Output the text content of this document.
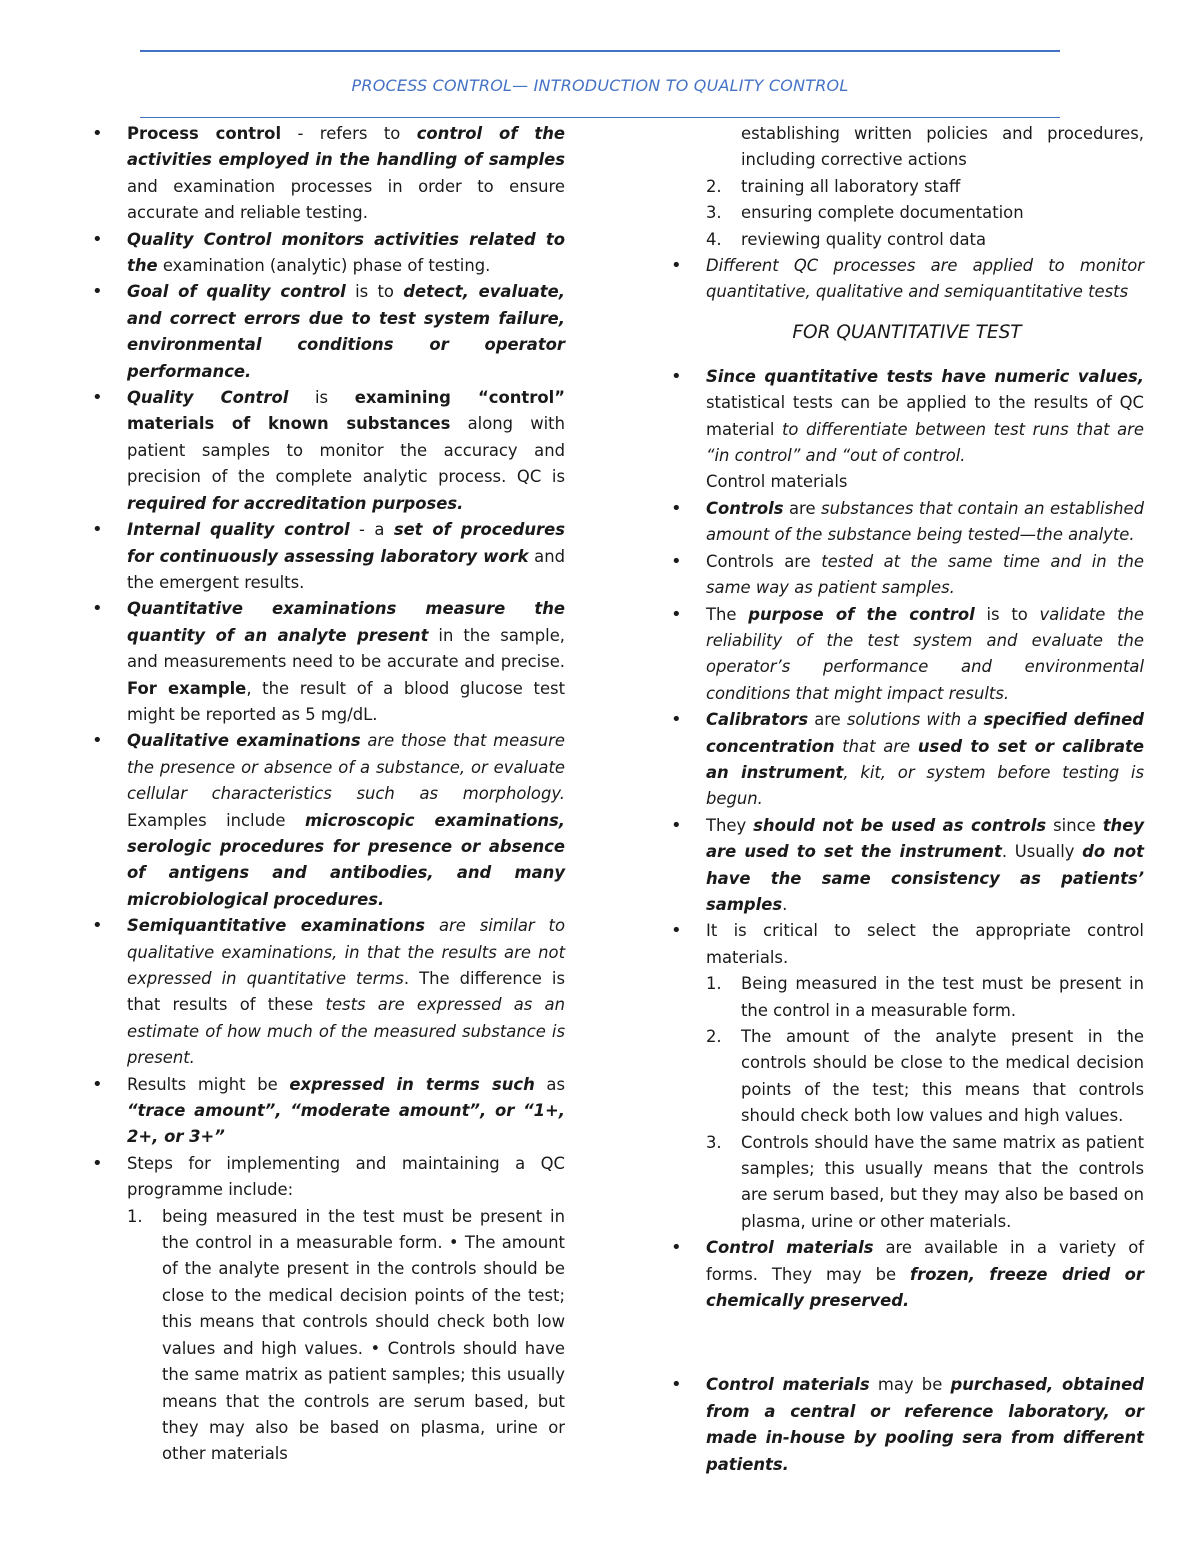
PROCESS CONTROL— INTRODUCTION TO QUALITY CONTROL
• Process control - refers to control of the activities employed in the handling of samples and examination processes in order to ensure accurate and reliable testing.
• Quality Control monitors activities related to the examination (analytic) phase of testing.
• Goal of quality control is to detect, evaluate, and correct errors due to test system failure, environmental conditions or operator performance.
• Quality Control is examining “control” materials of known substances along with patient samples to monitor the accuracy and precision of the complete analytic process. QC is required for accreditation purposes.
• Internal quality control - a set of procedures for continuously assessing laboratory work and the emergent results.
• Quantitative examinations measure the quantity of an analyte present in the sample, and measurements need to be accurate and precise. For example, the result of a blood glucose test might be reported as 5 mg/dL.
• Qualitative examinations are those that measure the presence or absence of a substance, or evaluate cellular characteristics such as morphology. Examples include microscopic examinations, serologic procedures for presence or absence of antigens and antibodies, and many microbiological procedures.
• Semiquantitative examinations are similar to qualitative examinations, in that the results are not expressed in quantitative terms. The difference is that results of these tests are expressed as an estimate of how much of the measured substance is present.
• Results might be expressed in terms such as “trace amount”, “moderate amount”, or “1+, 2+, or 3+”
• Steps for implementing and maintaining a QC programme include:
1. being measured in the test must be present in the control in a measurable form. • The amount of the analyte present in the controls should be close to the medical decision points of the test; this means that controls should check both low values and high values. • Controls should have the same matrix as patient samples; this usually means that the controls are serum based, but they may also be based on plasma, urine or other materials
establishing written policies and procedures, including corrective actions
2. training all laboratory staff
3. ensuring complete documentation
4. reviewing quality control data
• Different QC processes are applied to monitor quantitative, qualitative and semiquantitative tests
FOR QUANTITATIVE TEST
• Since quantitative tests have numeric values, statistical tests can be applied to the results of QC material to differentiate between test runs that are “in control” and “out of control.
Control materials
• Controls are substances that contain an established amount of the substance being tested—the analyte.
• Controls are tested at the same time and in the same way as patient samples.
• The purpose of the control is to validate the reliability of the test system and evaluate the operator’s performance and environmental conditions that might impact results.
• Calibrators are solutions with a specified defined concentration that are used to set or calibrate an instrument, kit, or system before testing is begun.
• They should not be used as controls since they are used to set the instrument. Usually do not have the same consistency as patients’ samples.
• It is critical to select the appropriate control materials.
1. Being measured in the test must be present in the control in a measurable form.
2. The amount of the analyte present in the controls should be close to the medical decision points of the test; this means that controls should check both low values and high values.
3. Controls should have the same matrix as patient samples; this usually means that the controls are serum based, but they may also be based on plasma, urine or other materials.
• Control materials are available in a variety of forms. They may be frozen, freeze dried or chemically preserved.
• Control materials may be purchased, obtained from a central or reference laboratory, or made in-house by pooling sera from different patients.
